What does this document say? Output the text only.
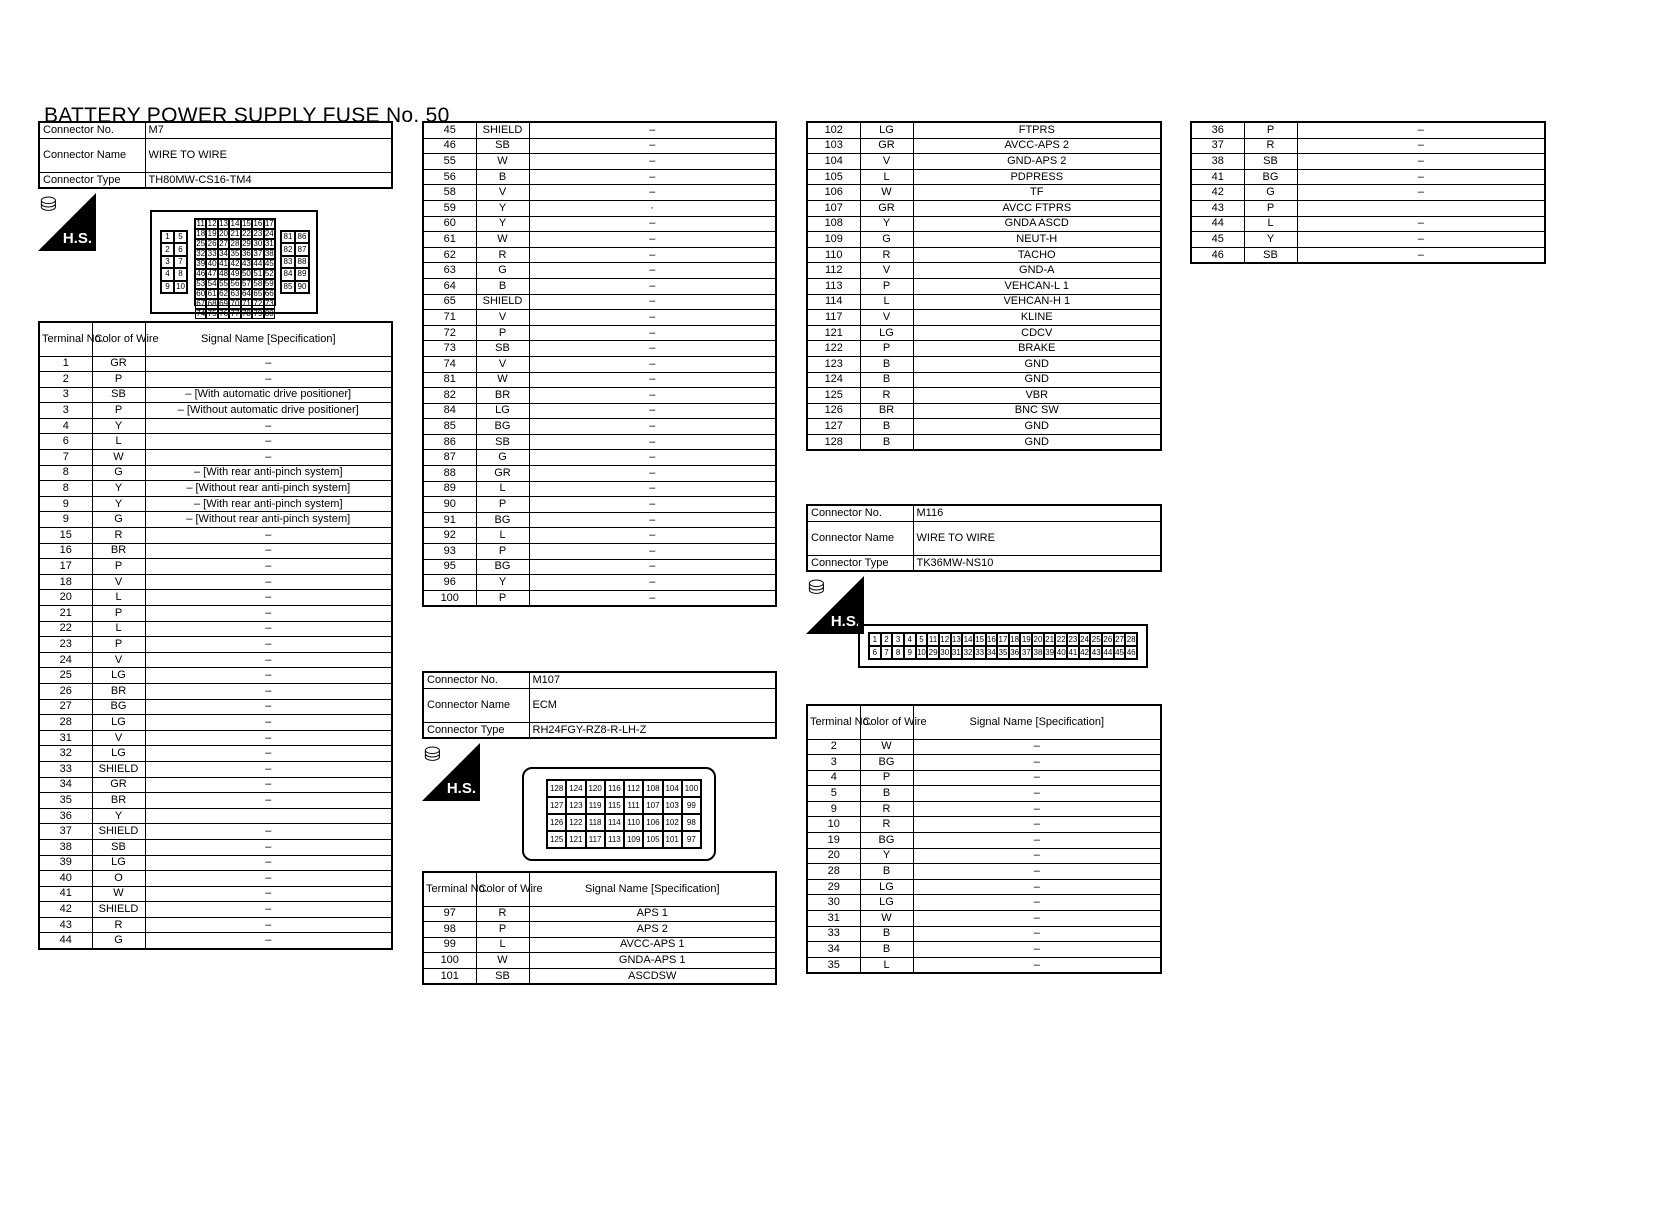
BATTERY POWER SUPPLY FUSE No. 50
Connector No.	M7
Connector Name	WIRE TO WIRE
Connector Type	TH80MW-CS16-TM4
⛁
H.S.	1	5
2	6
3	7
4	8
9 10
11 12 13 14 15 16 17
18 19 20 21 22 23 24
25 26 27 28 29 30 31
32 33 34 35 36 37 38
39 40 41 42 43 44 45
46 47 48 49 50 51 52
53 54 55 56 57 58 59
60 61 62 63 64 65 66
67 68 69 70 71 72 73
74 75 76 77 78 79 80
81 86
82 87
83 88
84 89
85 90
Terminal No.	Color of Wire	Signal Name [Specification]
1	GR	–
2	P	–
3	SB	– [With automatic drive positioner]
3	P	– [Without automatic drive positioner]
4	Y	–
6	L	–
7	W	–
8	G	– [With rear anti-pinch system]
8	Y	– [Without rear anti-pinch system]
9	Y	– [With rear anti-pinch system]
9	G	– [Without rear anti-pinch system]
15	R	–
16	BR	–
17	P	–
18	V	–
20	L	–
21	P	–
22	L	–
23	P	–
24	V	–
25	LG	–
26	BR	–
27	BG	–
28	LG	–
31	V	–
32	LG	–
33	SHIELD	–
34	GR	–
35	BR	–
36	Y	
37	SHIELD	–
38	SB	–
39	LG	–
40	O	–
41	W	–
42	SHIELD	–
43	R	–
44	G	–
45	SHIELD	–
46	SB	–
55	W	–
56	B	–
58	V	–
59	Y	·
60	Y	–
61	W	–
62	R	–
63	G	–
64	B	–
65	SHIELD	–
71	V	–
72	P	–
73	SB	–
74	V	–
81	W	–
82	BR	–
84	LG	–
85	BG	–
86	SB	–
87	G	–
88	GR	–
89	L	–
90	P	–
91	BG	–
92	L	–
93	P	–
95	BG	–
96	Y	–
100	P	–
Connector No.	M107
Connector Name	ECM
Connector Type	RH24FGY-RZ8-R-LH-Z
⛁
H.S.	128 124 120 116 112 108 104 100
127 123 119 115 111 107 103	99
126 122 118 114 110 106 102	98
125 121 117 113 109 105 101	97
Terminal No.	Color of Wire	Signal Name [Specification]
97	R	APS 1
98	P	APS 2
99	L	AVCC-APS 1
100	W	GNDA-APS 1
101	SB	ASCDSW
102	LG	FTPRS
103	GR	AVCC-APS 2
104	V	GND-APS 2
105	L	PDPRESS
106	W	TF
107	GR	AVCC FTPRS
108	Y	GNDA ASCD
109	G	NEUT-H
110	R	TACHO
112	V	GND-A
113	P	VEHCAN-L 1
114	L	VEHCAN-H 1
117	V	KLINE
121	LG	CDCV
122	P	BRAKE
123	B	GND
124	B	GND
125	R	VBR
126	BR	BNC SW
127	B	GND
128	B	GND
Connector No.	M116
Connector Name	WIRE TO WIRE
Connector Type	TK36MW-NS10
⛁
H.S.
1 2 3 4 5 11 12 13 14 15 16 17 18 19 20 21 22 23 24 25 26 27 28
6 7 8 9 10 29 30 31 32 33 34 35 36 37 38 39 40 41 42 43 44 45 46
Terminal No.	Color of Wire	Signal Name [Specification]
2	W	–
3	BG	–
4	P	–
5	B	–
9	R	–
10	R	–
19	BG	–
20	Y	–
28	B	–
29	LG	–
30	LG	–
31	W	–
33	B	–
34	B	–
35	L	–
36	P	–
37	R	–
38	SB	–
41	BG	–
42	G	–
43	P	
44	L	–
45	Y	–
46	SB	–
